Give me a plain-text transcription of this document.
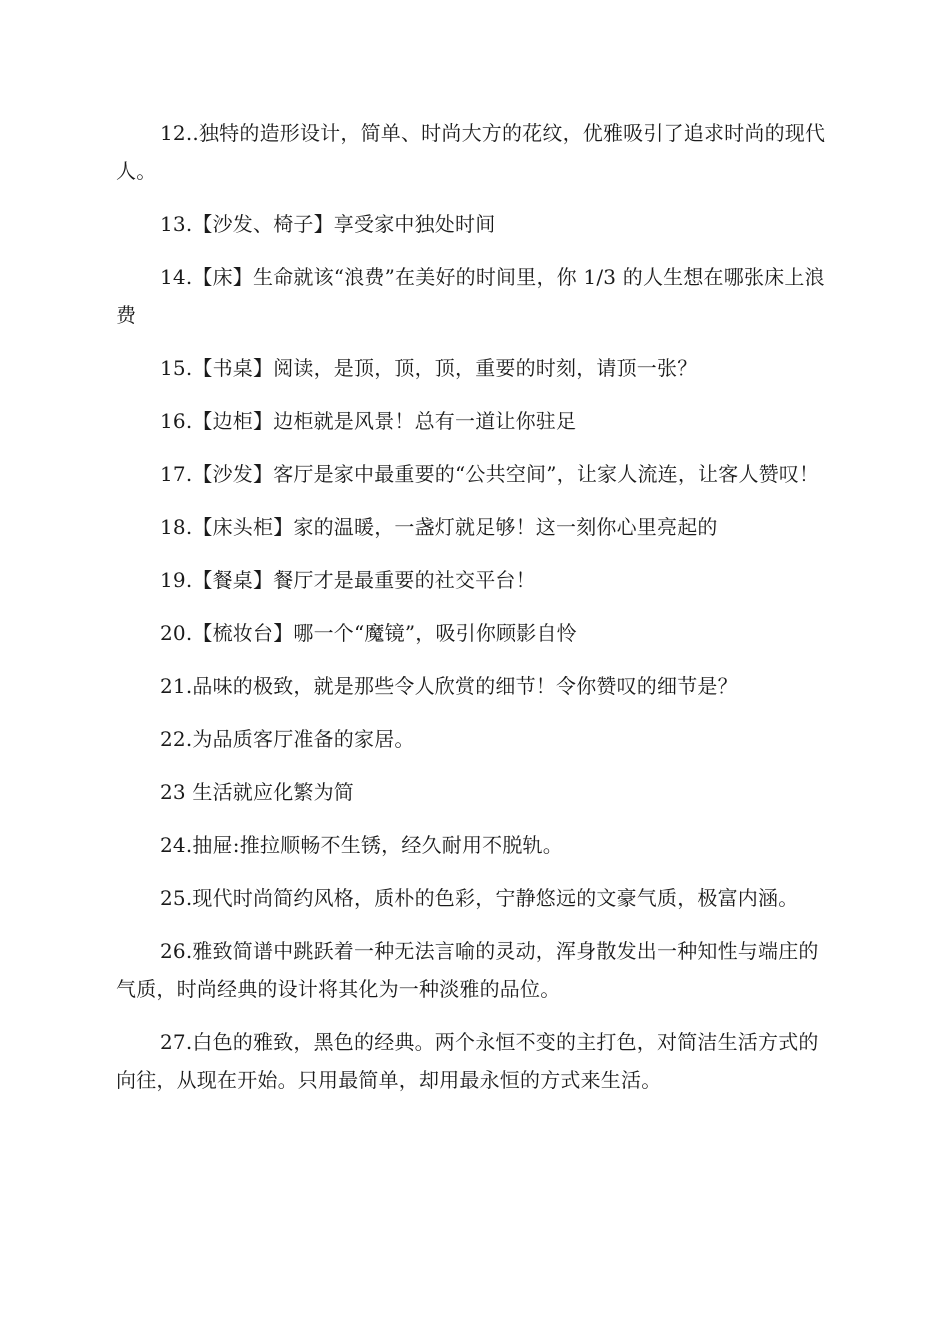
12..独特的造形设计，简单、时尚大方的花纹，优雅吸引了追求时尚的现代人。

13.【沙发、椅子】享受家中独处时间

14.【床】生命就该“浪费”在美好的时间里，你 1/3 的人生想在哪张床上浪费

15.【书桌】阅读，是顶，顶，顶，重要的时刻，请顶一张？

16.【边柜】边柜就是风景！总有一道让你驻足

17.【沙发】客厅是家中最重要的“公共空间”，让家人流连，让客人赞叹！

18.【床头柜】家的温暖，一盏灯就足够！这一刻你心里亮起的

19.【餐桌】餐厅才是最重要的社交平台！

20.【梳妆台】哪一个“魔镜”，吸引你顾影自怜

21.品味的极致，就是那些令人欣赏的细节！令你赞叹的细节是？

22.为品质客厅准备的家居。

23 生活就应化繁为简

24.抽屉:推拉顺畅不生锈，经久耐用不脱轨。

25.现代时尚简约风格，质朴的色彩，宁静悠远的文豪气质，极富内涵。

26.雅致简谱中跳跃着一种无法言喻的灵动，浑身散发出一种知性与端庄的气质，时尚经典的设计将其化为一种淡雅的品位。

27.白色的雅致，黑色的经典。两个永恒不变的主打色，对简洁生活方式的向往，从现在开始。只用最简单，却用最永恒的方式来生活。
